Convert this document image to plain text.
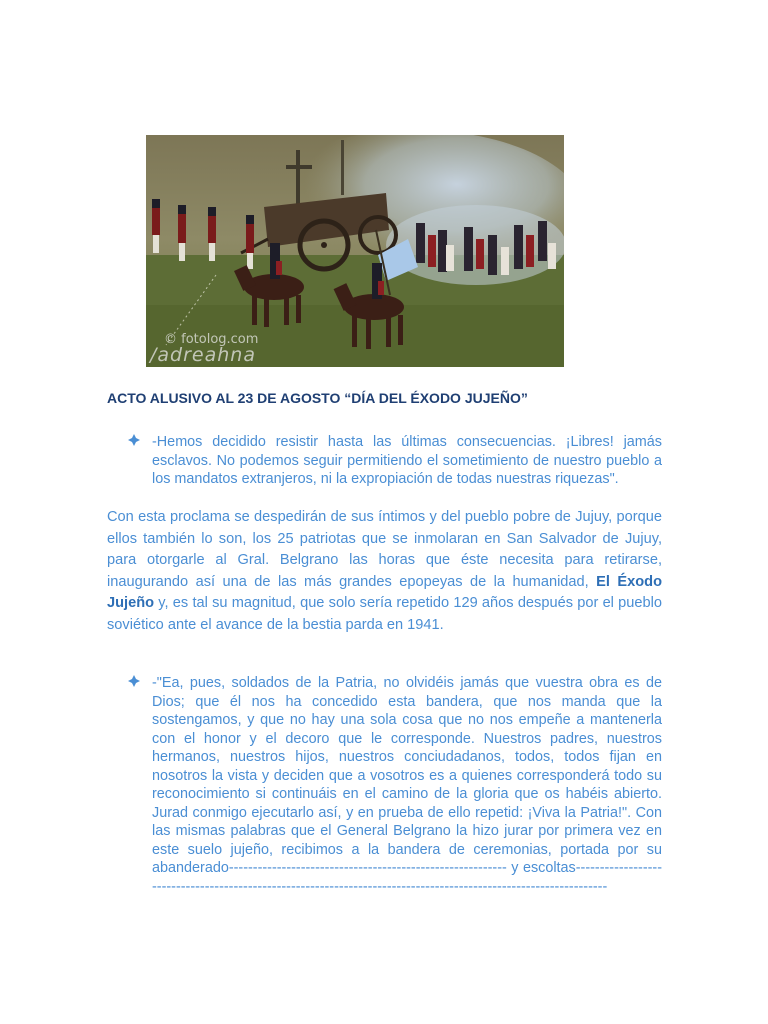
© fotolog.com
/adreahna
ACTO ALUSIVO AL 23 DE AGOSTO “DÍA DEL ÉXODO JUJEÑO”
-Hemos decidido resistir hasta las últimas consecuencias. ¡Libres! jamás esclavos. No podemos seguir permitiendo el sometimiento de nuestro pueblo a los mandatos extranjeros, ni la expropiación de todas nuestras riquezas".

Con esta proclama se despedirán de sus íntimos y del pueblo pobre de Jujuy, porque ellos también lo son, los 25 patriotas que se inmolaran en San Salvador de Jujuy, para otorgarle al Gral. Belgrano las horas que éste necesita para retirarse, inaugurando así una de las más grandes epopeyas de la humanidad, El Éxodo Jujeño y, es tal su magnitud, que solo sería repetido 129 años después por el pueblo soviético ante el avance de la bestia parda en 1941.

-"Ea, pues, soldados de la Patria, no olvidéis jamás que vuestra obra es de Dios; que él nos ha concedido esta bandera, que nos manda que la sostengamos, y que no hay una sola cosa que no nos empeñe a mantenerla con el honor y el decoro que le corresponde. Nuestros padres, nuestros hermanos, nuestros hijos, nuestros conciudadanos, todos, todos fijan en nosotros la vista y deciden que a vosotros es a quienes corresponderá todo su reconocimiento si continuáis en el camino de la gloria que os habéis abierto. Jurad conmigo ejecutarlo así, y en prueba de ello repetid: ¡Viva la Patria!". Con las mismas palabras que el General Belgrano la hizo jurar por primera vez en este suelo jujeño, recibimos a la bandera de ceremonias, portada por su abanderado---------------------------------------------------------- y escoltas-----------------------------------------------------------------------------------------------------------------
